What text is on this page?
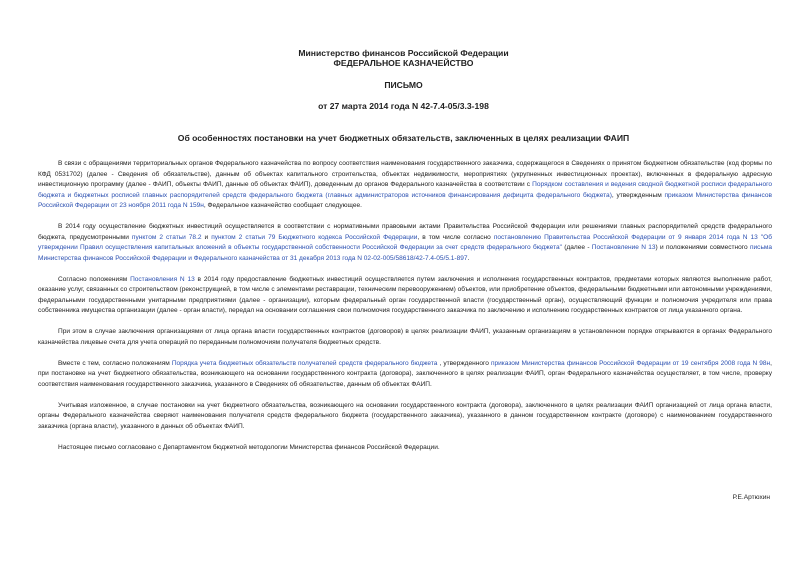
Министерство финансов Российской Федерации
ФЕДЕРАЛЬНОЕ КАЗНАЧЕЙСТВО
ПИСЬМО
от 27 марта 2014 года N 42-7.4-05/3.3-198
Об особенностях постановки на учет бюджетных обязательств, заключенных в целях реализации ФАИП

В связи с обращениями территориальных органов Федерального казначейства по вопросу соответствия наименования государственного заказчика, содержащегося в Сведениях о принятом бюджетном обязательстве (код формы по КФД 0531702) (далее - Сведения об обязательстве), данным об объектах капитального строительства, объектах недвижимости, мероприятиях (укрупненных инвестиционных проектах), включенных в федеральную адресную инвестиционную программу (далее - ФАИП, объекты ФАИП, данные об объектах ФАИП), доведенным до органов Федерального казначейства в соответствии с Порядком составления и ведения сводной бюджетной росписи федерального бюджета и бюджетных росписей главных распорядителей средств федерального бюджета (главных администраторов источников финансирования дефицита федерального бюджета), утвержденным приказом Министерства финансов Российской Федерации от 23 ноября 2011 года N 159н, Федеральное казначейство сообщает следующее.

В 2014 году осуществление бюджетных инвестиций осуществляется в соответствии с нормативными правовыми актами Правительства Российской Федерации или решениями главных распорядителей средств федерального бюджета, предусмотренными пунктом 2 статьи 78.2 и пунктом 2 статьи 79 Бюджетного кодекса Российской Федерации, в том числе согласно постановлению Правительства Российской Федерации от 9 января 2014 года N 13 "Об утверждении Правил осуществления капитальных вложений в объекты государственной собственности Российской Федерации за счет средств федерального бюджета" (далее - Постановление N 13) и положениями совместного письма Министерства финансов Российской Федерации и Федерального казначейства от 31 декабря 2013 года N 02-02-005/58618/42-7.4-05/5.1-897.

Согласно положениям Постановления N 13 в 2014 году предоставление бюджетных инвестиций осуществляется путем заключения и исполнения государственных контрактов, предметами которых являются выполнение работ, оказание услуг, связанных со строительством (реконструкцией, в том числе с элементами реставрации, техническим перевооружением) объектов, или приобретение объектов, федеральными бюджетными или автономными учреждениями, федеральными государственными унитарными предприятиями (далее - организации), которым федеральный орган государственной власти (государственный орган), осуществляющий функции и полномочия учредителя или права собственника имущества организации (далее - орган власти), передал на основании соглашения свои полномочия государственного заказчика по заключению и исполнению государственных контрактов от лица указанного органа.

При этом в случае заключения организациями от лица органа власти государственных контрактов (договоров) в целях реализации ФАИП, указанным организациям в установленном порядке открываются в органах Федерального казначейства лицевые счета для учета операций по переданным полномочиям получателя бюджетных средств.

Вместе с тем, согласно положениям Порядка учета бюджетных обязательств получателей средств федерального бюджета , утвержденного приказом Министерства финансов Российской Федерации от 19 сентября 2008 года N 98н, при постановке на учет бюджетного обязательства, возникающего на основании государственного контракта (договора), заключенного в целях реализации ФАИП, орган Федерального казначейства осуществляет, в том числе, проверку соответствия наименования государственного заказчика, указанного в Сведениях об обязательстве, данным об объектах ФАИП.

Учитывая изложенное, в случае постановки на учет бюджетного обязательства, возникающего на основании государственного контракта (договора), заключенного в целях реализации ФАИП организацией от лица органа власти, органы Федерального казначейства сверяют наименования получателя средств федерального бюджета (государственного заказчика), указанного в данном государственном контракте (договоре) с наименованием государственного заказчика (органа власти), указанного в данных об объектах ФАИП.

Настоящее письмо согласовано с Департаментом бюджетной методологии Министерства финансов Российской Федерации.

Р.Е.Артюхин
